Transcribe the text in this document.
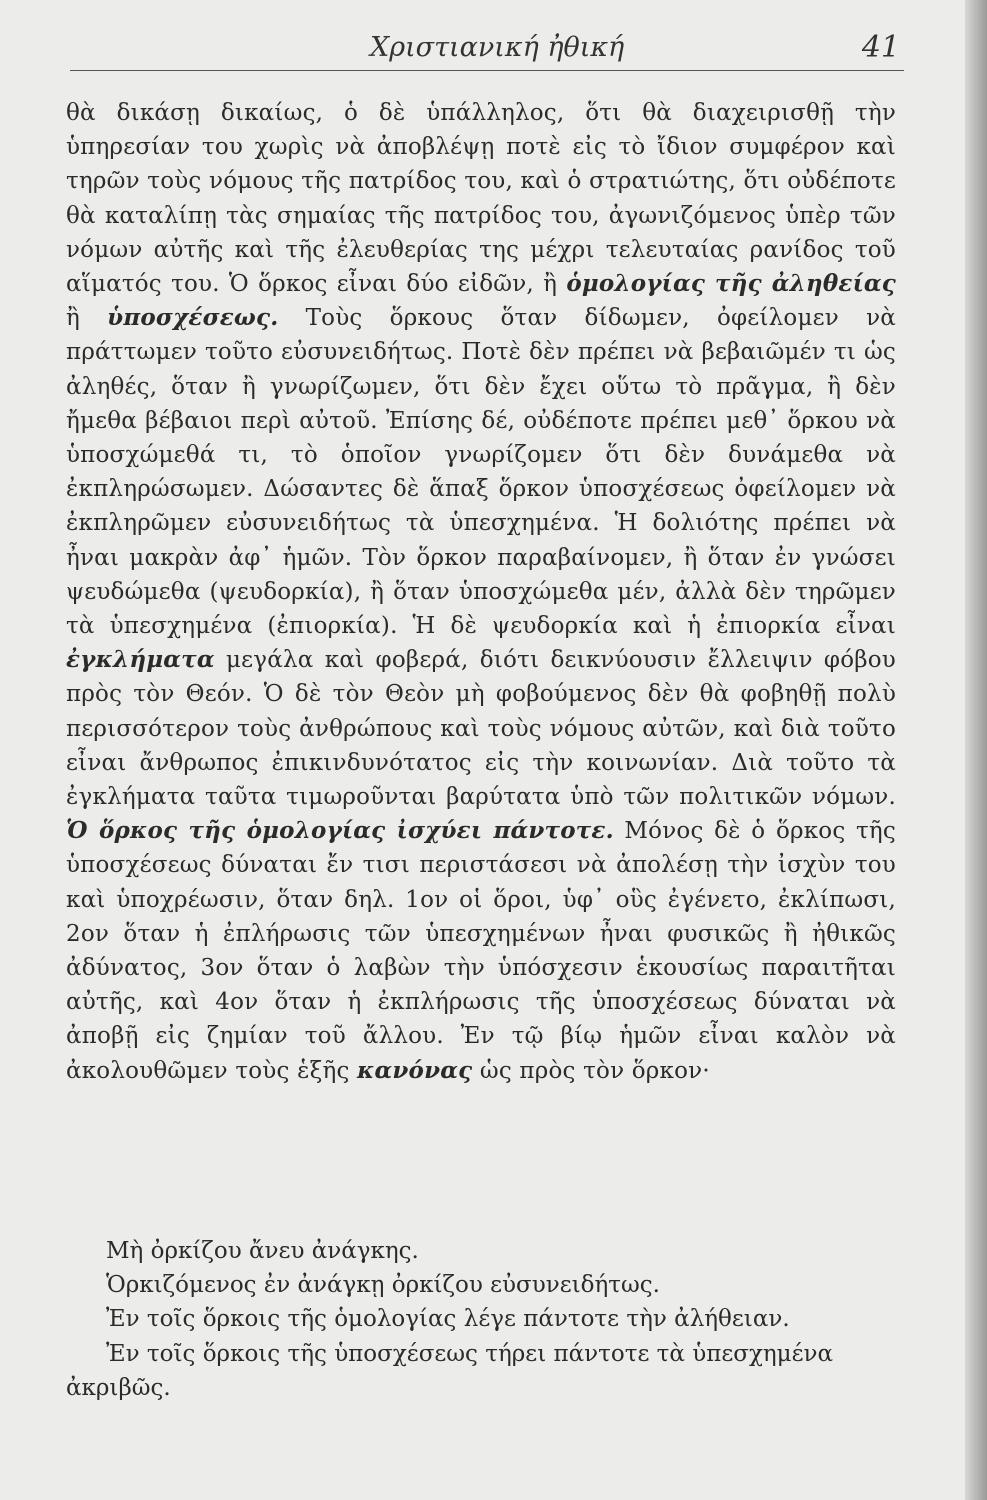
Χριστιανική ἠθική	41

θὰ δικάσῃ δικαίως, ὁ δὲ ὑπάλληλος, ὅτι θὰ διαχειρισθῇ τὴν ὑπηρεσίαν του χωρὶς νὰ ἀποβλέψῃ ποτὲ εἰς τὸ ἴδιον συμφέρον καὶ τηρῶν τοὺς νόμους τῆς πατρίδος του, καὶ ὁ στρατιώτης, ὅτι οὐδέποτε θὰ καταλίπῃ τὰς σημαίας τῆς πατρίδος του, ἀγωνιζόμενος ὑπὲρ τῶν νόμων αὐτῆς καὶ τῆς ἐλευθερίας της μέχρι τελευταίας ρανίδος τοῦ αἵματός του. Ὁ ὅρκος εἶναι δύο εἰδῶν, ἢ ὁμολογίας τῆς ἀληθείας ἢ ὑποσχέσεως. Τοὺς ὅρκους ὅταν δίδωμεν, ὀφείλομεν νὰ πράττωμεν τοῦτο εὐσυνειδήτως. Ποτὲ δὲν πρέπει νὰ βεβαιῶμέν τι ὡς ἀληθές, ὅταν ἢ γνωρίζωμεν, ὅτι δὲν ἔχει οὕτω τὸ πρᾶγμα, ἢ δὲν ἤμεθα βέβαιοι περὶ αὐτοῦ. Ἐπίσης δέ, οὐδέποτε πρέπει μεθ᾽ ὅρκου νὰ ὑποσχώμεθά τι, τὸ ὁποῖον γνωρίζομεν ὅτι δὲν δυνάμεθα νὰ ἐκπληρώσωμεν. Δώσαντες δὲ ἅπαξ ὅρκον ὑποσχέσεως ὀφείλομεν νὰ ἐκπληρῶμεν εὐσυνειδήτως τὰ ὑπεσχημένα. Ἡ δολιότης πρέπει νὰ ἦναι μακρὰν ἀφ᾽ ἡμῶν. Τὸν ὅρκον παραβαίνομεν, ἢ ὅταν ἐν γνώσει ψευδώμεθα (ψευδορκία), ἢ ὅταν ὑποσχώμεθα μέν, ἀλλὰ δὲν τηρῶμεν τὰ ὑπεσχημένα (ἐπιορκία). Ἡ δὲ ψευδορκία καὶ ἡ ἐπιορκία εἶναι ἐγκλήματα μεγάλα καὶ φοβερά, διότι δεικνύουσιν ἔλλειψιν φόβου πρὸς τὸν Θεόν. Ὁ δὲ τὸν Θεὸν μὴ φοβούμενος δὲν θὰ φοβηθῇ πολὺ περισσότερον τοὺς ἀνθρώπους καὶ τοὺς νόμους αὐτῶν, καὶ διὰ τοῦτο εἶναι ἄνθρωπος ἐπικινδυνότατος εἰς τὴν κοινωνίαν. Διὰ τοῦτο τὰ ἐγκλήματα ταῦτα τιμωροῦνται βαρύτατα ὑπὸ τῶν πολιτικῶν νόμων. Ὁ ὅρκος τῆς ὁμολογίας ἰσχύει πάντοτε. Μόνος δὲ ὁ ὅρκος τῆς ὑποσχέσεως δύναται ἔν τισι περιστάσεσι νὰ ἀπολέσῃ τὴν ἰσχὺν του καὶ ὑποχρέωσιν, ὅταν δηλ. 1ον οἱ ὅροι, ὑφ᾽ οὓς ἐγένετο, ἐκλίπωσι, 2ον ὅταν ἡ ἐπλήρωσις τῶν ὑπεσχημένων ἦναι φυσικῶς ἢ ἠθικῶς ἀδύνατος, 3ον ὅταν ὁ λαβὼν τὴν ὑπόσχεσιν ἑκουσίως παραιτῆται αὐτῆς, καὶ 4ον ὅταν ἡ ἐκπλήρωσις τῆς ὑποσχέσεως δύναται νὰ ἀποβῇ εἰς ζημίαν τοῦ ἄλλου. Ἐν τῷ βίῳ ἡμῶν εἶναι καλὸν νὰ ἀκολουθῶμεν τοὺς ἑξῆς κανόνας ὡς πρὸς τὸν ὅρκον·

Μὴ ὀρκίζου ἄνευ ἀνάγκης.

Ὁρκιζόμενος ἐν ἀνάγκῃ ὀρκίζου εὐσυνειδήτως.

Ἐν τοῖς ὅρκοις τῆς ὁμολογίας λέγε πάντοτε τὴν ἀλήθειαν.

Ἐν τοῖς ὅρκοις τῆς ὑποσχέσεως τήρει πάντοτε τὰ ὑπεσχημένα ἀκριβῶς.
